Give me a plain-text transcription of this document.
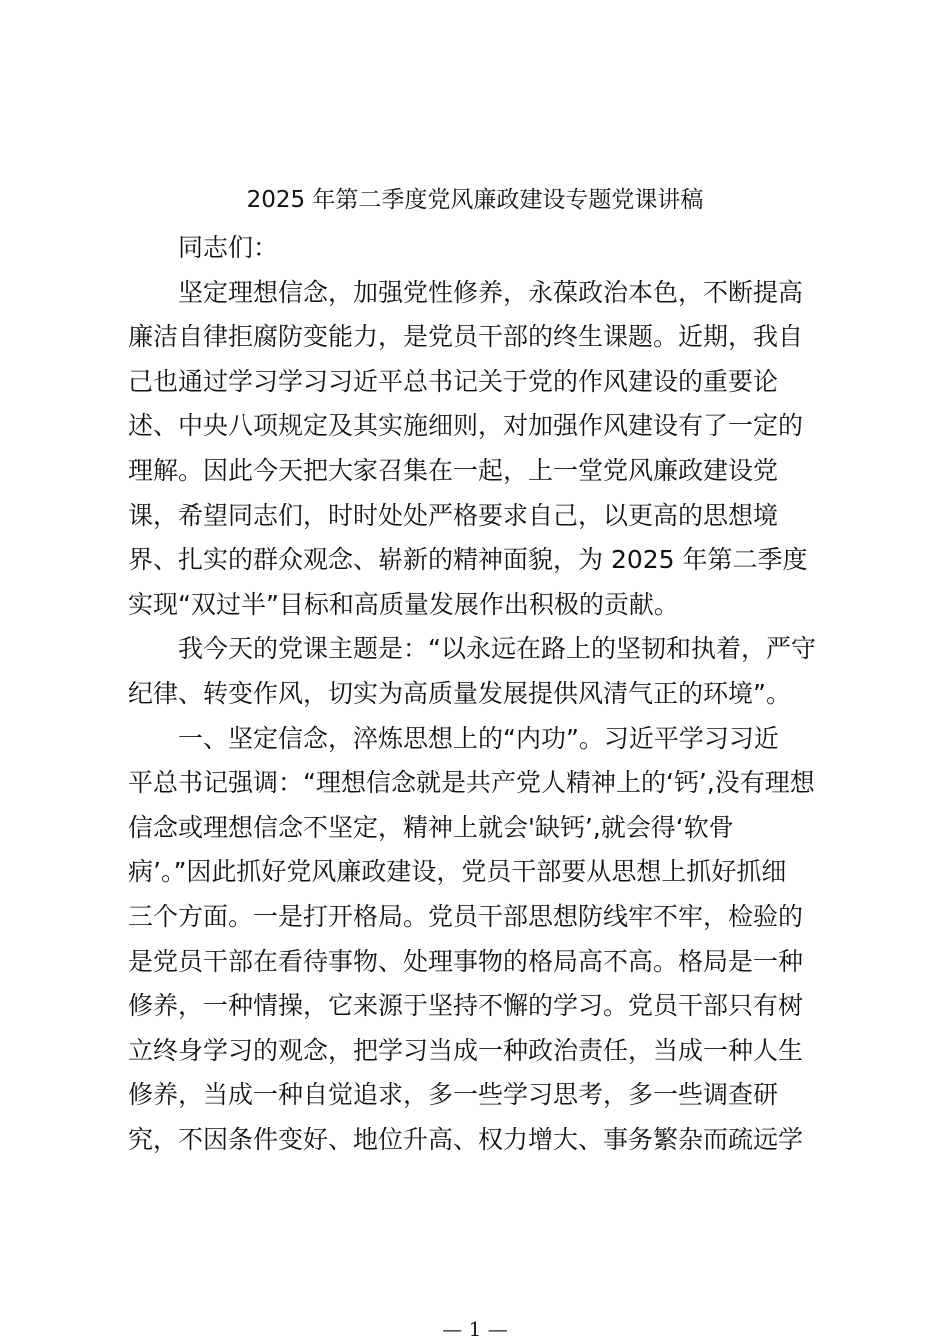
2025 年第二季度党风廉政建设专题党课讲稿
同志们：
坚定理想信念，加强党性修养，永葆政治本色，不断提高
廉洁自律拒腐防变能力，是党员干部的终生课题。近期，我自
己也通过学习学习习近平总书记关于党的作风建设的重要论
述、中央八项规定及其实施细则，对加强作风建设有了一定的
理解。因此今天把大家召集在一起，上一堂党风廉政建设党
课，希望同志们，时时处处严格要求自己，以更高的思想境
界、扎实的群众观念、崭新的精神面貌，为 2025 年第二季度
实现“双过半”目标和高质量发展作出积极的贡献。
我今天的党课主题是：“以永远在路上的坚韧和执着，严守
纪律、转变作风，切实为高质量发展提供风清气正的环境”。
一、坚定信念，淬炼思想上的“内功”。习近平学习习近
平总书记强调：“理想信念就是共产党人精神上的‘钙’,没有理想
信念或理想信念不坚定，精神上就会'缺钙’,就会得‘软骨
病’。”因此抓好党风廉政建设，党员干部要从思想上抓好抓细
三个方面。一是打开格局。党员干部思想防线牢不牢，检验的
是党员干部在看待事物、处理事物的格局高不高。格局是一种
修养，一种情操，它来源于坚持不懈的学习。党员干部只有树
立终身学习的观念，把学习当成一种政治责任，当成一种人生
修养，当成一种自觉追求，多一些学习思考，多一些调查研
究，不因条件变好、地位升高、权力增大、事务繁杂而疏远学
— 1 —
